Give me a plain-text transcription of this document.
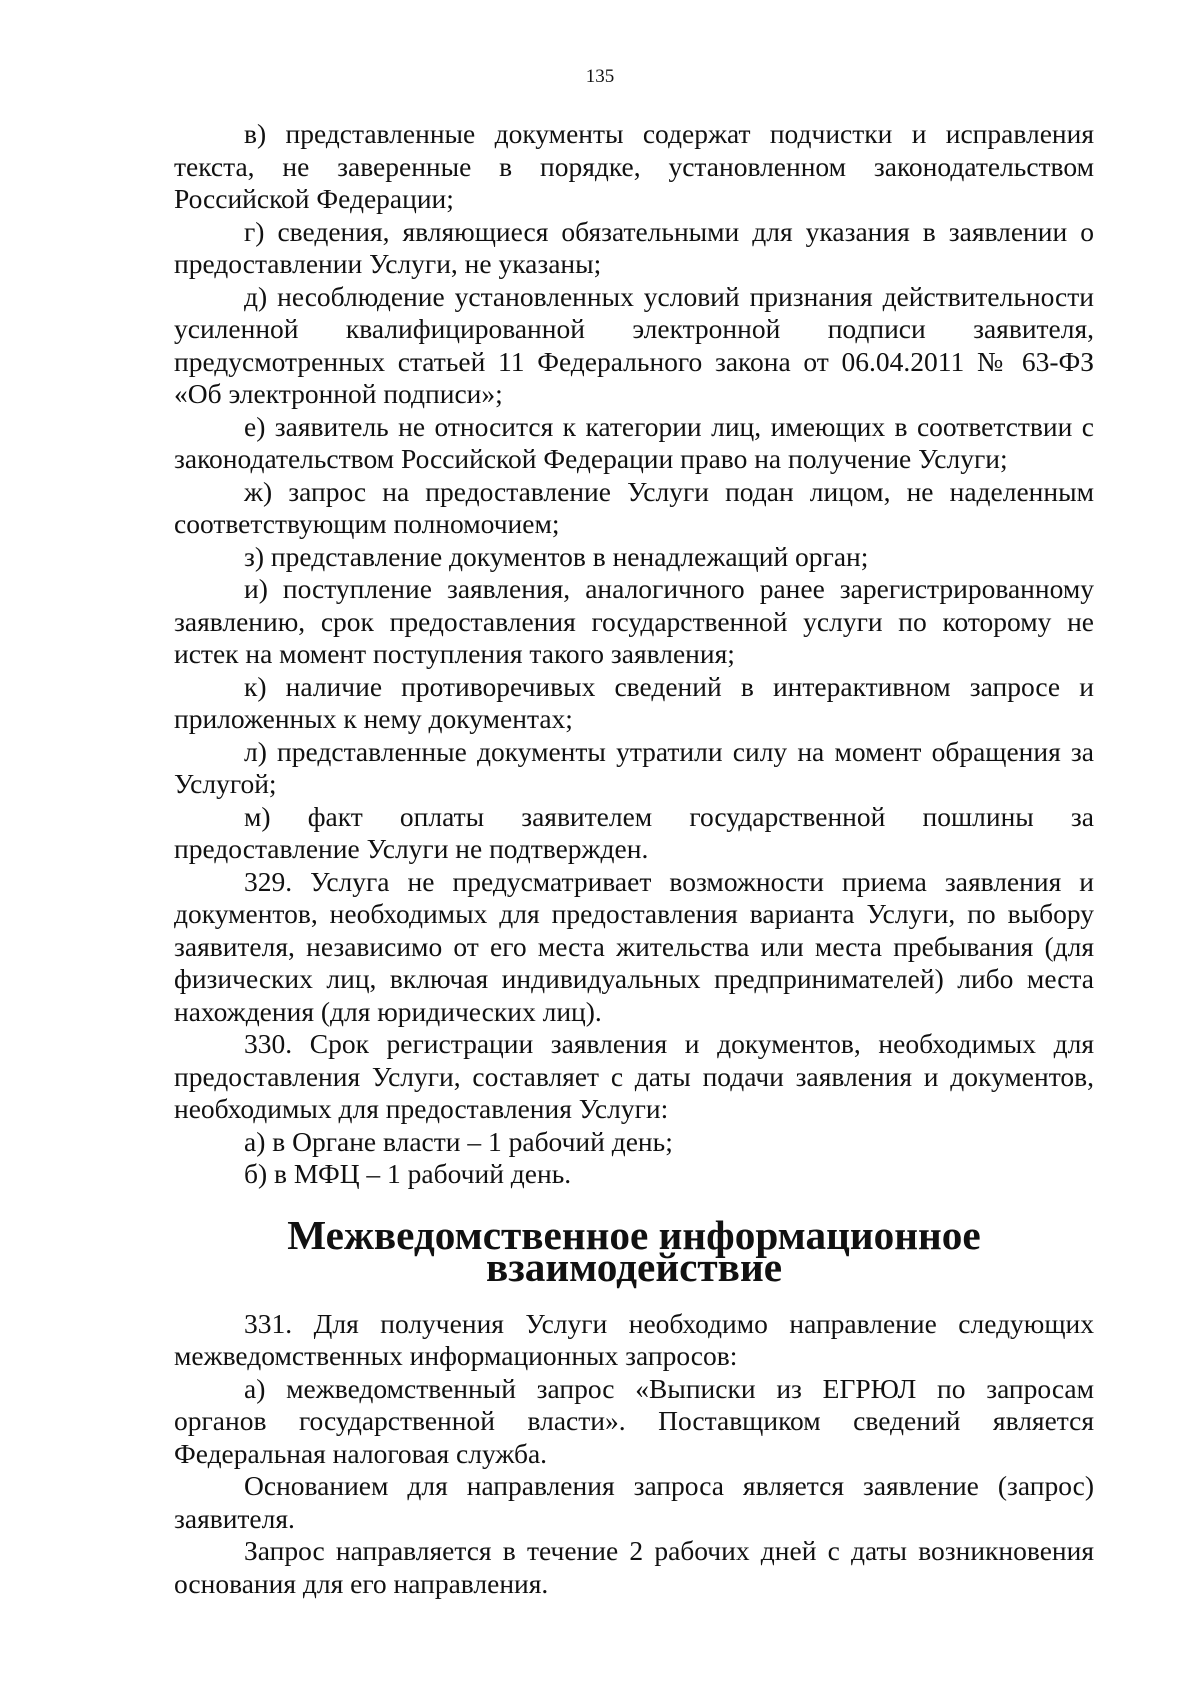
135

в) представленные документы содержат подчистки и исправления текста, не заверенные в порядке, установленном законодательством Российской Федерации;

г) сведения, являющиеся обязательными для указания в заявлении о предоставлении Услуги, не указаны;

д) несоблюдение установленных условий признания действительности усиленной квалифицированной электронной подписи заявителя, предусмотренных статьей 11 Федерального закона от 06.04.2011 № 63-ФЗ «Об электронной подписи»;

е) заявитель не относится к категории лиц, имеющих в соответствии с законодательством Российской Федерации право на получение Услуги;

ж) запрос на предоставление Услуги подан лицом, не наделенным соответствующим полномочием;

з) представление документов в ненадлежащий орган;

и) поступление заявления, аналогичного ранее зарегистрированному заявлению, срок предоставления государственной услуги по которому не истек на момент поступления такого заявления;

к) наличие противоречивых сведений в интерактивном запросе и приложенных к нему документах;

л) представленные документы утратили силу на момент обращения за Услугой;

м) факт оплаты заявителем государственной пошлины за предоставление Услуги не подтвержден.

329. Услуга не предусматривает возможности приема заявления и документов, необходимых для предоставления варианта Услуги, по выбору заявителя, независимо от его места жительства или места пребывания (для физических лиц, включая индивидуальных предпринимателей) либо места нахождения (для юридических лиц).

330. Срок регистрации заявления и документов, необходимых для предоставления Услуги, составляет с даты подачи заявления и документов, необходимых для предоставления Услуги:

а) в Органе власти – 1 рабочий день;

б) в МФЦ – 1 рабочий день.

Межведомственное информационное взаимодействие

331. Для получения Услуги необходимо направление следующих межведомственных информационных запросов:

а) межведомственный запрос «Выписки из ЕГРЮЛ по запросам органов государственной власти». Поставщиком сведений является Федеральная налоговая служба.

Основанием для направления запроса является заявление (запрос) заявителя.

Запрос направляется в течение 2 рабочих дней с даты возникновения основания для его направления.
